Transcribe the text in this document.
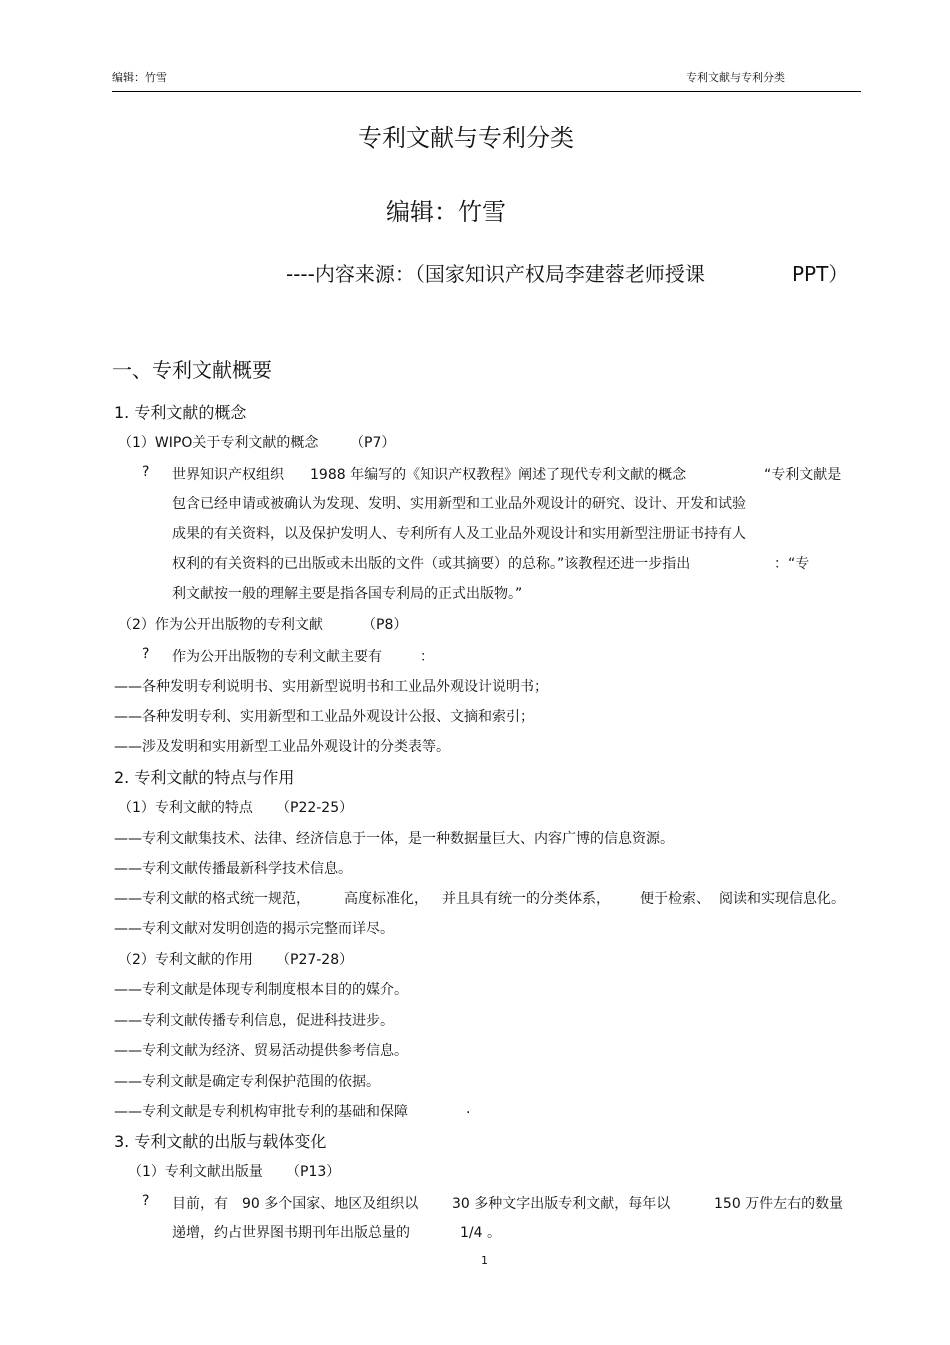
编辑：竹雪	专利文献与专利分类
专利文献与专利分类
编辑：竹雪
----内容来源：（国家知识产权局李建蓉老师授课	PPT）
一、专利文献概要
1. 专利文献的概念
（1）WIPO关于专利文献的概念 （P7）
? 世界知识产权组织 1988 年编写的《知识产权教程》阐述了现代专利文献的概念	“专利文献是
包含已经申请或被确认为发现、发明、实用新型和工业品外观设计的研究、设计、开发和试验
成果的有关资料，以及保护发明人、专利所有人及工业品外观设计和实用新型注册证书持有人
权利的有关资料的已出版或未出版的文件（或其摘要）的总称。”该教程还进一步指出	：“专
利文献按一般的理解主要是指各国专利局的正式出版物。”
（2）作为公开出版物的专利文献	（P8）
? 作为公开出版物的专利文献主要有	：
——各种发明专利说明书、实用新型说明书和工业品外观设计说明书；
——各种发明专利、实用新型和工业品外观设计公报、文摘和索引；
——涉及发明和实用新型工业品外观设计的分类表等。
2. 专利文献的特点与作用
（1）专利文献的特点 （P22-25）
——专利文献集技术、法律、经济信息于一体，是一种数据量巨大、内容广博的信息资源。
——专利文献传播最新科学技术信息。
——专利文献的格式统一规范， 高度标准化， 并且具有统一的分类体系， 便于检索、 阅读和实现信息化。
——专利文献对发明创造的揭示完整而详尽。
（2）专利文献的作用 （P27-28）
——专利文献是体现专利制度根本目的的媒介。
——专利文献传播专利信息，促进科技进步。
——专利文献为经济、贸易活动提供参考信息。
——专利文献是确定专利保护范围的依据。
——专利文献是专利机构审批专利的基础和保障	.
3. 专利文献的出版与载体变化
（1）专利文献出版量 （P13）
? 目前，有 90 多个国家、地区及组织以 30 多种文字出版专利文献，每年以	150 万件左右的数量
递增，约占世界图书期刊年出版总量的	1/4 。
1
